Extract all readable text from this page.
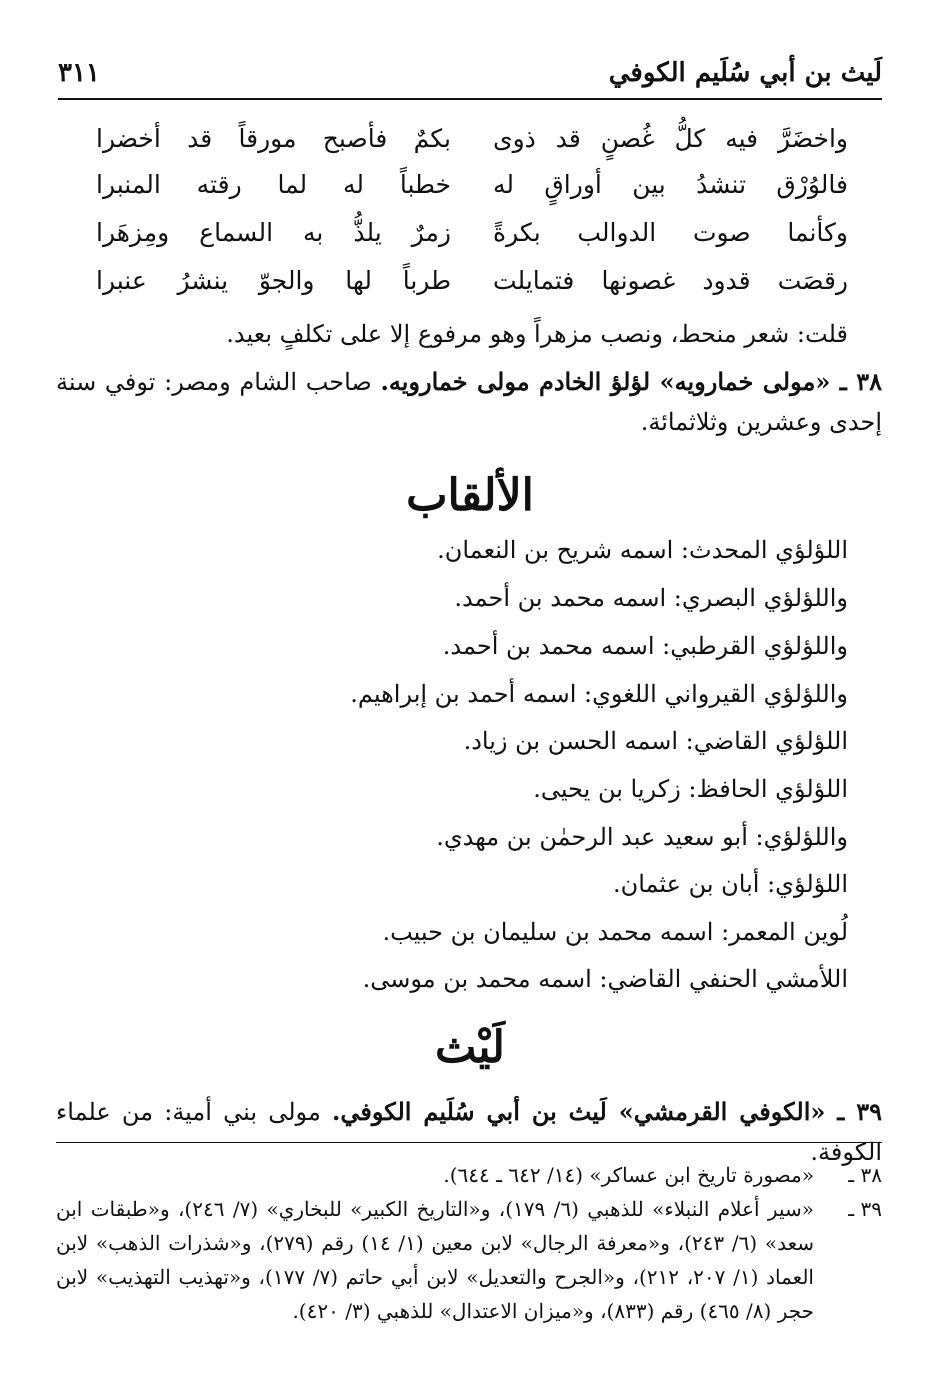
لَيث بن أبي سُلَيم الكوفي
٣١١
واخضَرَّ فيه كلُّ غُصنٍ قد ذوى
بكمٌ فأصبح مورقاً قد أخضرا
فالوُرْق تنشدُ بين أوراقٍ له
خطباً له لما رقته المنبرا
وكأنما صوت الدوالب بكرةً
زمرٌ يلذُّ به السماع ومِزهَرا
رقصَت قدود غصونها فتمايلت
طرباً لها والجوّ ينشرُ عنبرا
قلت: شعر منحط، ونصب مزهراً وهو مرفوع إلا على تكلفٍ بعيد.
٣٨ ـ «مولى خمارويه» لؤلؤ الخادم مولى خمارويه. صاحب الشام ومصر: توفي سنة إحدى وعشرين وثلاثمائة.
الألقاب
اللؤلؤي المحدث: اسمه شريح بن النعمان.
واللؤلؤي البصري: اسمه محمد بن أحمد.
واللؤلؤي القرطبي: اسمه محمد بن أحمد.
واللؤلؤي القيرواني اللغوي: اسمه أحمد بن إبراهيم.
اللؤلؤي القاضي: اسمه الحسن بن زياد.
اللؤلؤي الحافظ: زكريا بن يحيى.
واللؤلؤي: أبو سعيد عبد الرحمٰن بن مهدي.
اللؤلؤي: أبان بن عثمان.
لُوين المعمر: اسمه محمد بن سليمان بن حبيب.
اللأمشي الحنفي القاضي: اسمه محمد بن موسى.
لَيْث
٣٩ ـ «الكوفي القرمشي» لَيث بن أبي سُلَيم الكوفي. مولى بني أمية: من علماء الكوفة.
٣٨ ـ
«مصورة تاريخ ابن عساكر» (١٤/ ٦٤٢ ـ ٦٤٤).
٣٩ ـ
«سير أعلام النبلاء» للذهبي (٦/ ١٧٩)، و«التاريخ الكبير» للبخاري» (٧/ ٢٤٦)، و«طبقات ابن سعد» (٦/ ٢٤٣)، و«معرفة الرجال» لابن معين (١/ ١٤) رقم (٢٧٩)، و«شذرات الذهب» لابن العماد (١/ ٢٠٧، ٢١٢)، و«الجرح والتعديل» لابن أبي حاتم (٧/ ١٧٧)، و«تهذيب التهذيب» لابن حجر (٨/ ٤٦٥) رقم (٨٣٣)، و«ميزان الاعتدال» للذهبي (٣/ ٤٢٠).
